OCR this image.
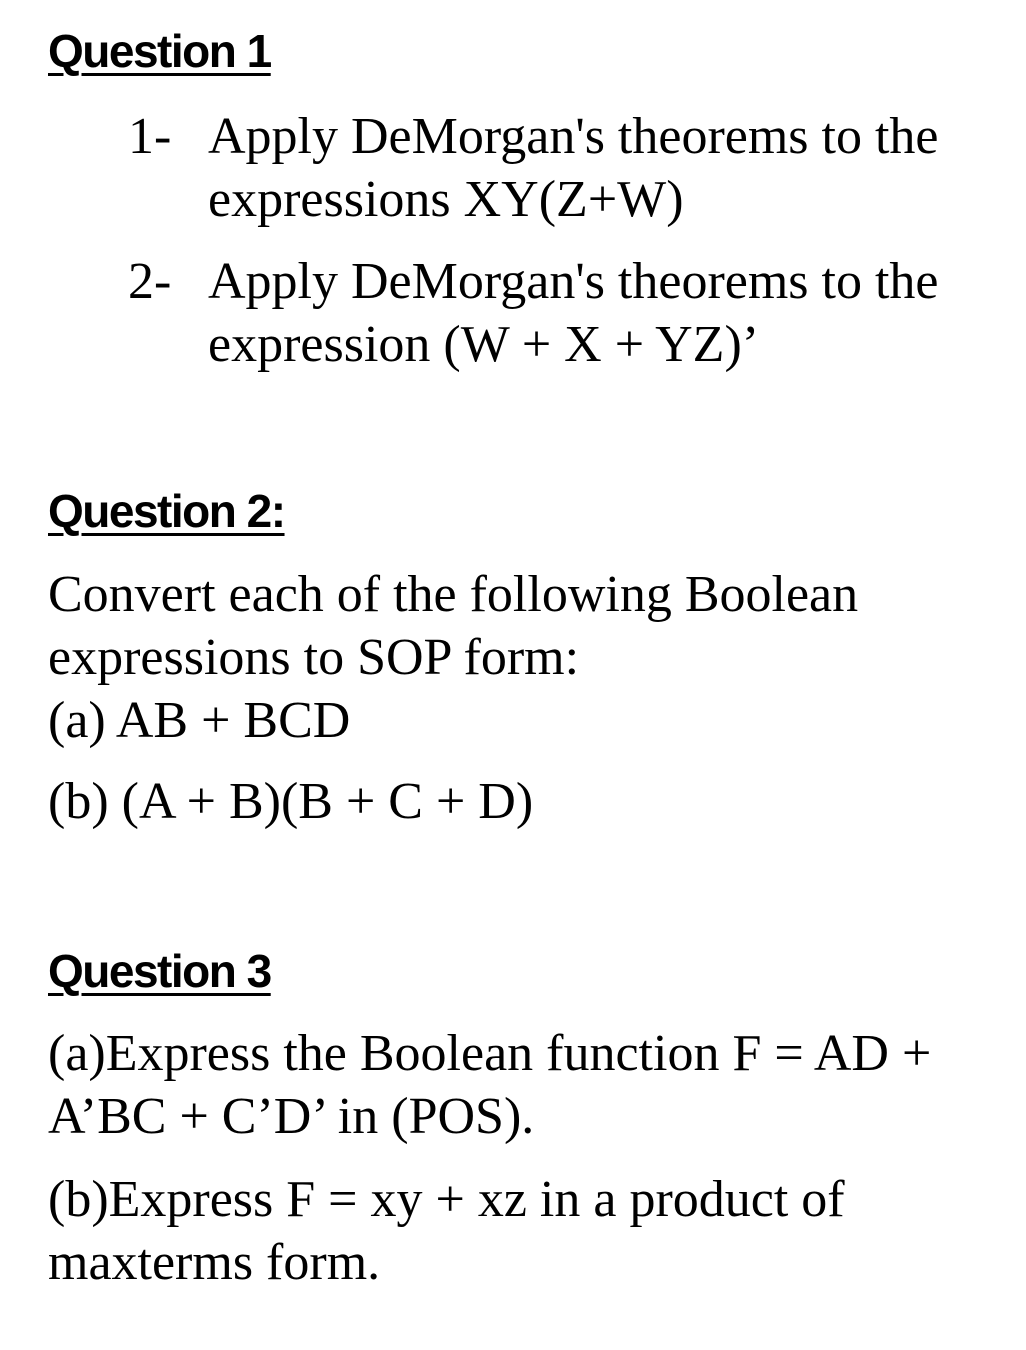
Question 1
1- Apply DeMorgan's theorems to the
expressions XY(Z+W)
2- Apply DeMorgan's theorems to the
expression (W + X + YZ)’
Question 2:
Convert each of the following Boolean
expressions to SOP form:
(a) AB + BCD
(b) (A + B)(B + C + D)
Question 3
(a)Express the Boolean function F = AD +
A’BC + C’D’ in (POS).
(b)Express F = xy + xz in a product of
maxterms form.
